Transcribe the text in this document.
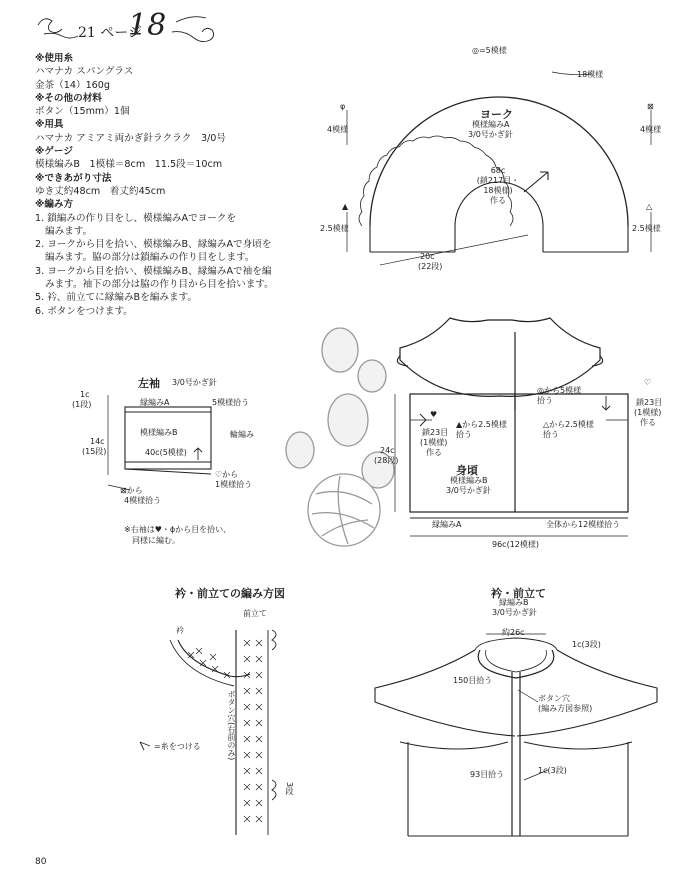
21 ページ
18
※使用糸
ハマナカ スパングラス
金茶（14）160g
※その他の材料
ボタン（15mm）1個
※用具
ハマナカ アミアミ両かぎ針ラクラク　3/0号
※ゲージ
模様編みB　1模様＝8cm　11.5段＝10cm
※できあがり寸法
ゆき丈約48cm　着丈約45cm
※編み方
1. 鎖編みの作り目をし、模様編みAでヨークを
編みます。
2. ヨークから目を拾い、模様編みB、縁編みAで身頃を
編みます。脇の部分は鎖編みの作り目をします。
3. ヨークから目を拾い、模様編みB、縁編みAで袖を編
みます。袖下の部分は脇の作り目から目を拾います。
5. 衿、前立てに縁編みBを編みます。
6. ボタンをつけます。
◎=5模様
18模様
φ
4模様
⊠
4模様
▲
2.5模様
△
2.5模様
ヨーク
模様編みA
3/0号かぎ針
68c
(鎖217目・
18模様)
作る
20c
(22段)
左袖 3/0号かぎ針
1c
(1段)	縁編みA	5模様拾う
模様編みB	輪編み
14c
(15段)	40c(5模様)
♡から
1模様拾う
⊠から
4模様拾う
※右袖は♥・ϕから目を拾い、
同様に編む。
◎から5模様
拾う
▲から2.5模様
拾う
△から2.5模様
拾う
♡
鎖23目
(1模様)
作る
♥
鎖23目
(1模様)
作る
24c
(28段)
身頃
模様編みB
3/0号かぎ針
縁編みA	全体から12模様拾う
96c(12模様)
衿・前立ての編み方図
前立て
衿
ボタン穴(右前のみ)
3段
=糸をつける
衿・前立て
縁編みB
3/0号かぎ針
約26c
1c(3段)
150目拾う
ボタン穴
(編み方図参照)
93目拾う	1c(3段)
80
